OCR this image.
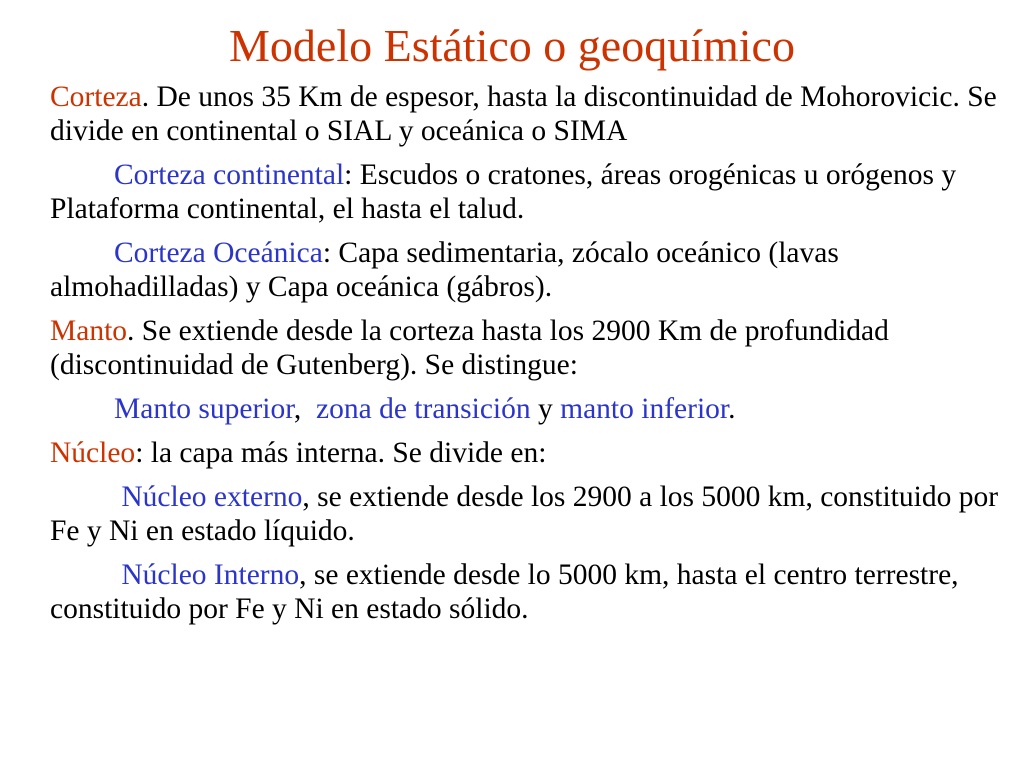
Modelo Estático o geoquímico

Corteza. De unos 35 Km de espesor, hasta la discontinuidad de Mohorovicic. Se divide en continental o SIAL y oceánica o SIMA

Corteza continental: Escudos o cratones, áreas orogénicas u orógenos y Plataforma continental, el hasta el talud.

Corteza Oceánica: Capa sedimentaria, zócalo oceánico (lavas almohadilladas) y Capa oceánica (gábros).

Manto. Se extiende desde la corteza hasta los 2900 Km de profundidad (discontinuidad de Gutenberg). Se distingue:

Manto superior,  zona de transición y manto inferior.

Núcleo: la capa más interna. Se divide en:

Núcleo externo, se extiende desde los 2900 a los 5000 km, constituido por Fe y Ni en estado líquido.

Núcleo Interno, se extiende desde lo 5000 km, hasta el centro terrestre, constituido por Fe y Ni en estado sólido.
